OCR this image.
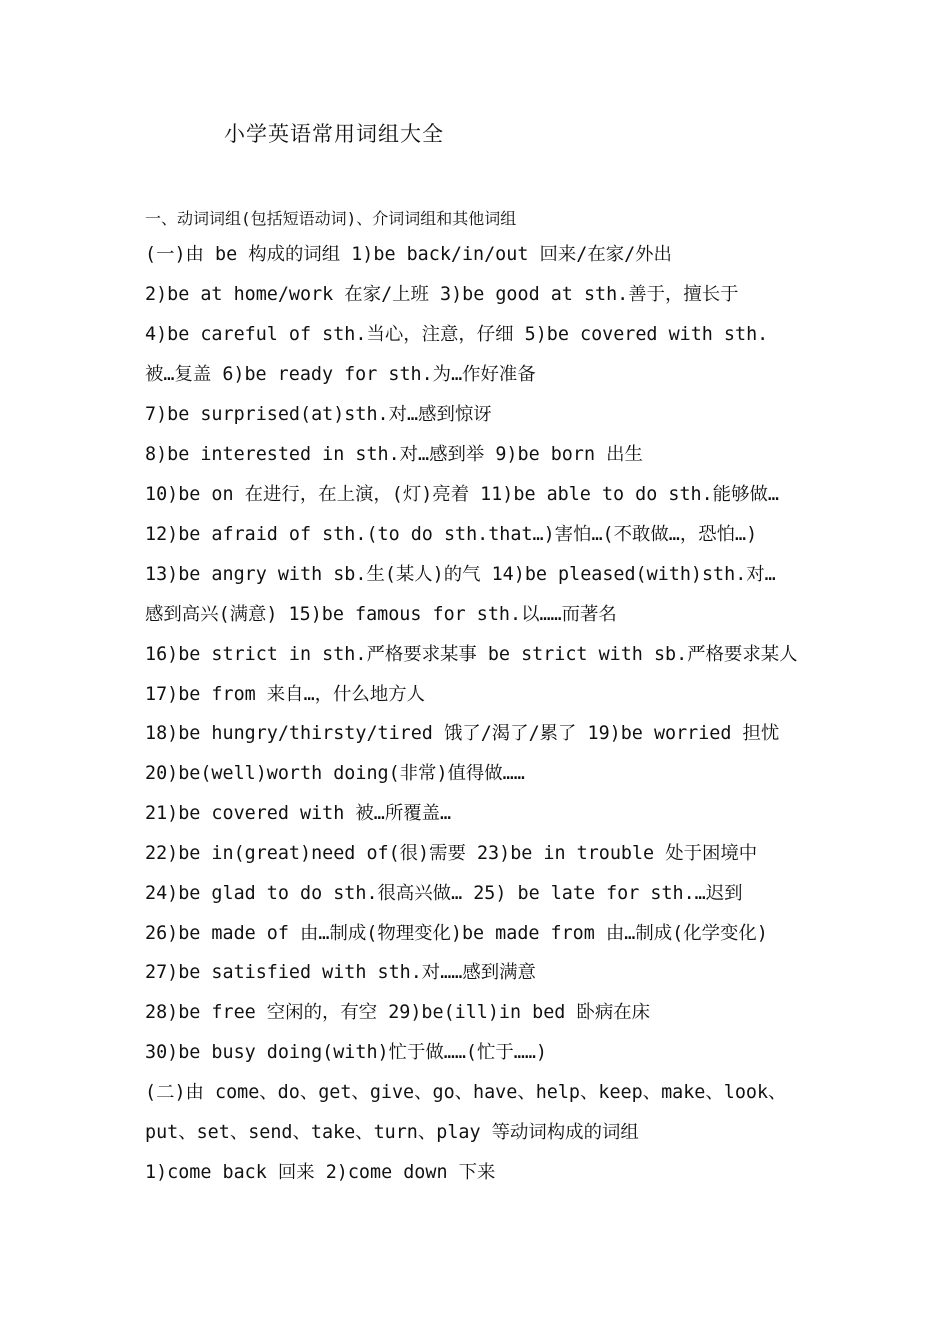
小学英语常用词组大全
一、动词词组(包括短语动词)、介词词组和其他词组
(一)由 be 构成的词组 1)be back/in/out 回来/在家/外出
2)be at home/work 在家/上班 3)be good at sth.善于，擅长于
4)be careful of sth.当心，注意，仔细 5)be covered with sth.
被…复盖 6)be ready for sth.为…作好准备
7)be surprised(at)sth.对…感到惊讶
8)be interested in sth.对…感到举 9)be born 出生
10)be on 在进行，在上演，(灯)亮着 11)be able to do sth.能够做…
12)be afraid of sth.(to do sth.that…)害怕…(不敢做…，恐怕…)
13)be angry with sb.生(某人)的气 14)be pleased(with)sth.对…
感到高兴(满意) 15)be famous for sth.以……而著名
16)be strict in sth.严格要求某事 be strict with sb.严格要求某人
17)be from 来自…，什么地方人
18)be hungry/thirsty/tired 饿了/渴了/累了 19)be worried 担忧
20)be(well)worth doing(非常)值得做……
21)be covered with 被…所覆盖…
22)be in(great)need of(很)需要 23)be in trouble 处于困境中
24)be glad to do sth.很高兴做… 25) be late for sth.…迟到
26)be made of 由…制成(物理变化)be made from 由…制成(化学变化)
27)be satisfied with sth.对……感到满意
28)be free 空闲的，有空 29)be(ill)in bed 卧病在床
30)be busy doing(with)忙于做……(忙于……)
(二)由 come、do、get、give、go、have、help、keep、make、look、
put、set、send、take、turn、play 等动词构成的词组
1)come back 回来 2)come down 下来
